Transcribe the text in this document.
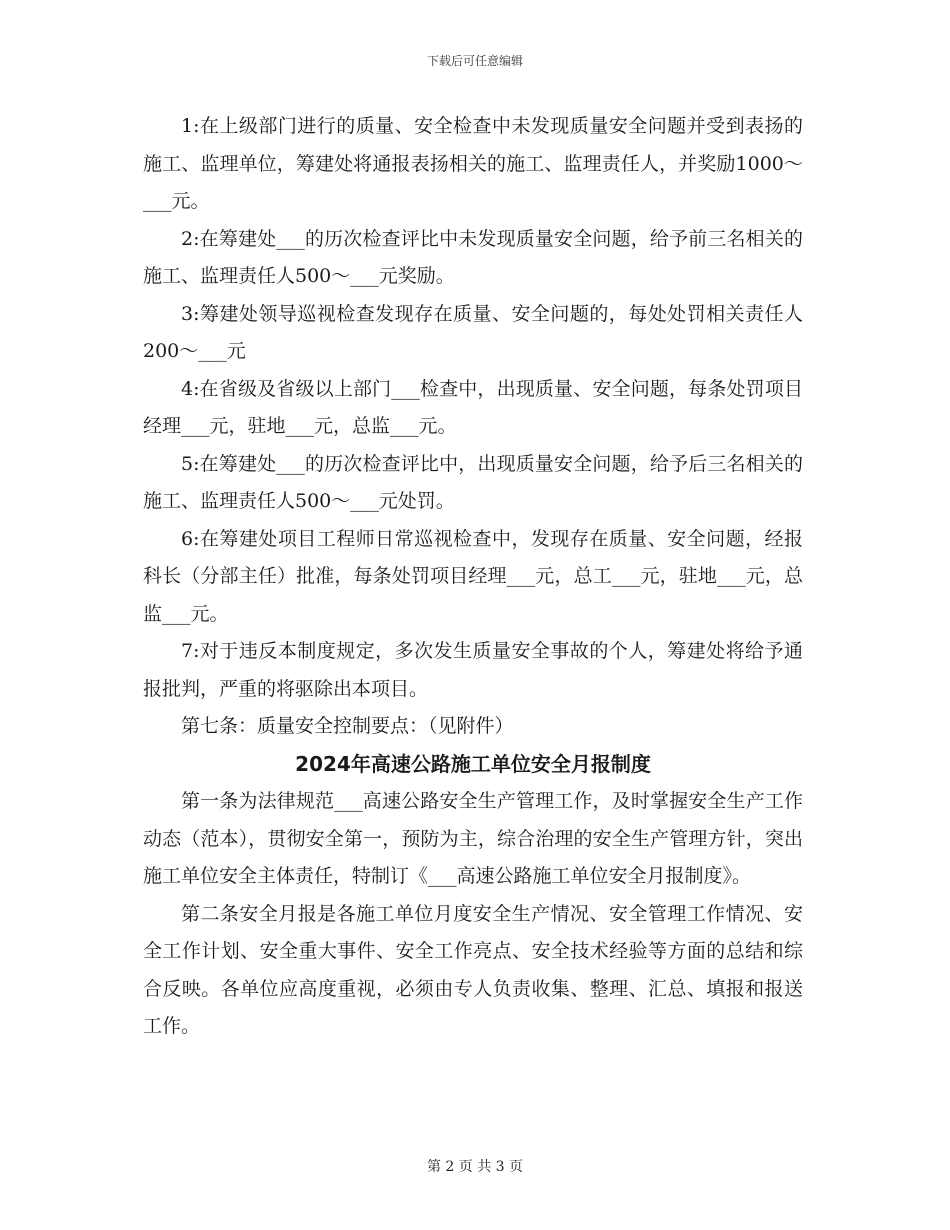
下载后可任意编辑

1:在上级部门进行的质量、安全检查中未发现质量安全问题并受到表扬的施工、监理单位，筹建处将通报表扬相关的施工、监理责任人，并奖励1000～___元。

2:在筹建处___的历次检查评比中未发现质量安全问题，给予前三名相关的施工、监理责任人500～___元奖励。

3:筹建处领导巡视检查发现存在质量、安全问题的，每处处罚相关责任人200～___元

4:在省级及省级以上部门___检查中，出现质量、安全问题，每条处罚项目经理___元，驻地___元，总监___元。

5:在筹建处___的历次检查评比中，出现质量安全问题，给予后三名相关的施工、监理责任人500～___元处罚。

6:在筹建处项目工程师日常巡视检查中，发现存在质量、安全问题，经报科长（分部主任）批准，每条处罚项目经理___元，总工___元，驻地___元，总监___元。

7:对于违反本制度规定，多次发生质量安全事故的个人，筹建处将给予通报批判，严重的将驱除出本项目。

第七条：质量安全控制要点：（见附件）

2024年高速公路施工单位安全月报制度

第一条为法律规范___高速公路安全生产管理工作，及时掌握安全生产工作动态（范本），贯彻安全第一，预防为主，综合治理的安全生产管理方针，突出施工单位安全主体责任，特制订《___高速公路施工单位安全月报制度》。

第二条安全月报是各施工单位月度安全生产情况、安全管理工作情况、安全工作计划、安全重大事件、安全工作亮点、安全技术经验等方面的总结和综合反映。各单位应高度重视，必须由专人负责收集、整理、汇总、填报和报送工作。

第 2 页 共 3 页
